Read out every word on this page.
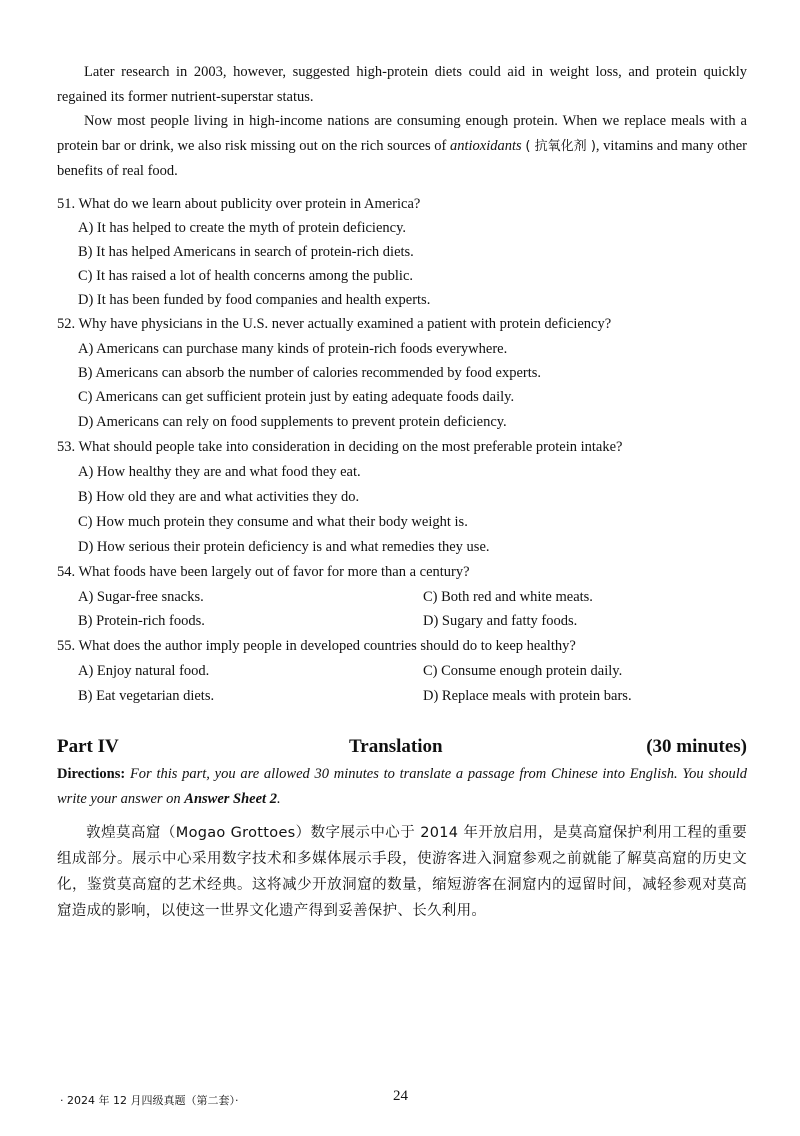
Later research in 2003, however, suggested high-protein diets could aid in weight loss, and protein quickly regained its former nutrient-superstar status.

Now most people living in high-income nations are consuming enough protein. When we replace meals with a protein bar or drink, we also risk missing out on the rich sources of antioxidants ( 抗氧化剂 ), vitamins and many other benefits of real food.

51. What do we learn about publicity over protein in America?

A) It has helped to create the myth of protein deficiency.

B) It has helped Americans in search of protein-rich diets.

C) It has raised a lot of health concerns among the public.

D) It has been funded by food companies and health experts.

52. Why have physicians in the U.S. never actually examined a patient with protein deficiency?

A) Americans can purchase many kinds of protein-rich foods everywhere.

B) Americans can absorb the number of calories recommended by food experts.

C) Americans can get sufficient protein just by eating adequate foods daily.

D) Americans can rely on food supplements to prevent protein deficiency.

53. What should people take into consideration in deciding on the most preferable protein intake?

A) How healthy they are and what food they eat.

B) How old they are and what activities they do.

C) How much protein they consume and what their body weight is.

D) How serious their protein deficiency is and what remedies they use.

54. What foods have been largely out of favor for more than a century?

A) Sugar-free snacks.

B) Protein-rich foods.

C) Both red and white meats.

D) Sugary and fatty foods.

55. What does the author imply people in developed countries should do to keep healthy?

A) Enjoy natural food.

B) Eat vegetarian diets.

C) Consume enough protein daily.

D) Replace meals with protein bars.

Part IV	Translation	(30 minutes)

Directions: For this part, you are allowed 30 minutes to translate a passage from Chinese into English. You should write your answer on Answer Sheet 2.

敦煌莫高窟（Mogao Grottoes）数字展示中心于 2014 年开放启用，是莫高窟保护利用工程的重要组成部分。展示中心采用数字技术和多媒体展示手段，使游客进入洞窟参观之前就能了解莫高窟的历史文化，鉴赏莫高窟的艺术经典。这将减少开放洞窟的数量，缩短游客在洞窟内的逗留时间，减轻参观对莫高窟造成的影响，以使这一世界文化遗产得到妥善保护、长久利用。

· 2024 年 12 月四级真题（第二套）·	24
